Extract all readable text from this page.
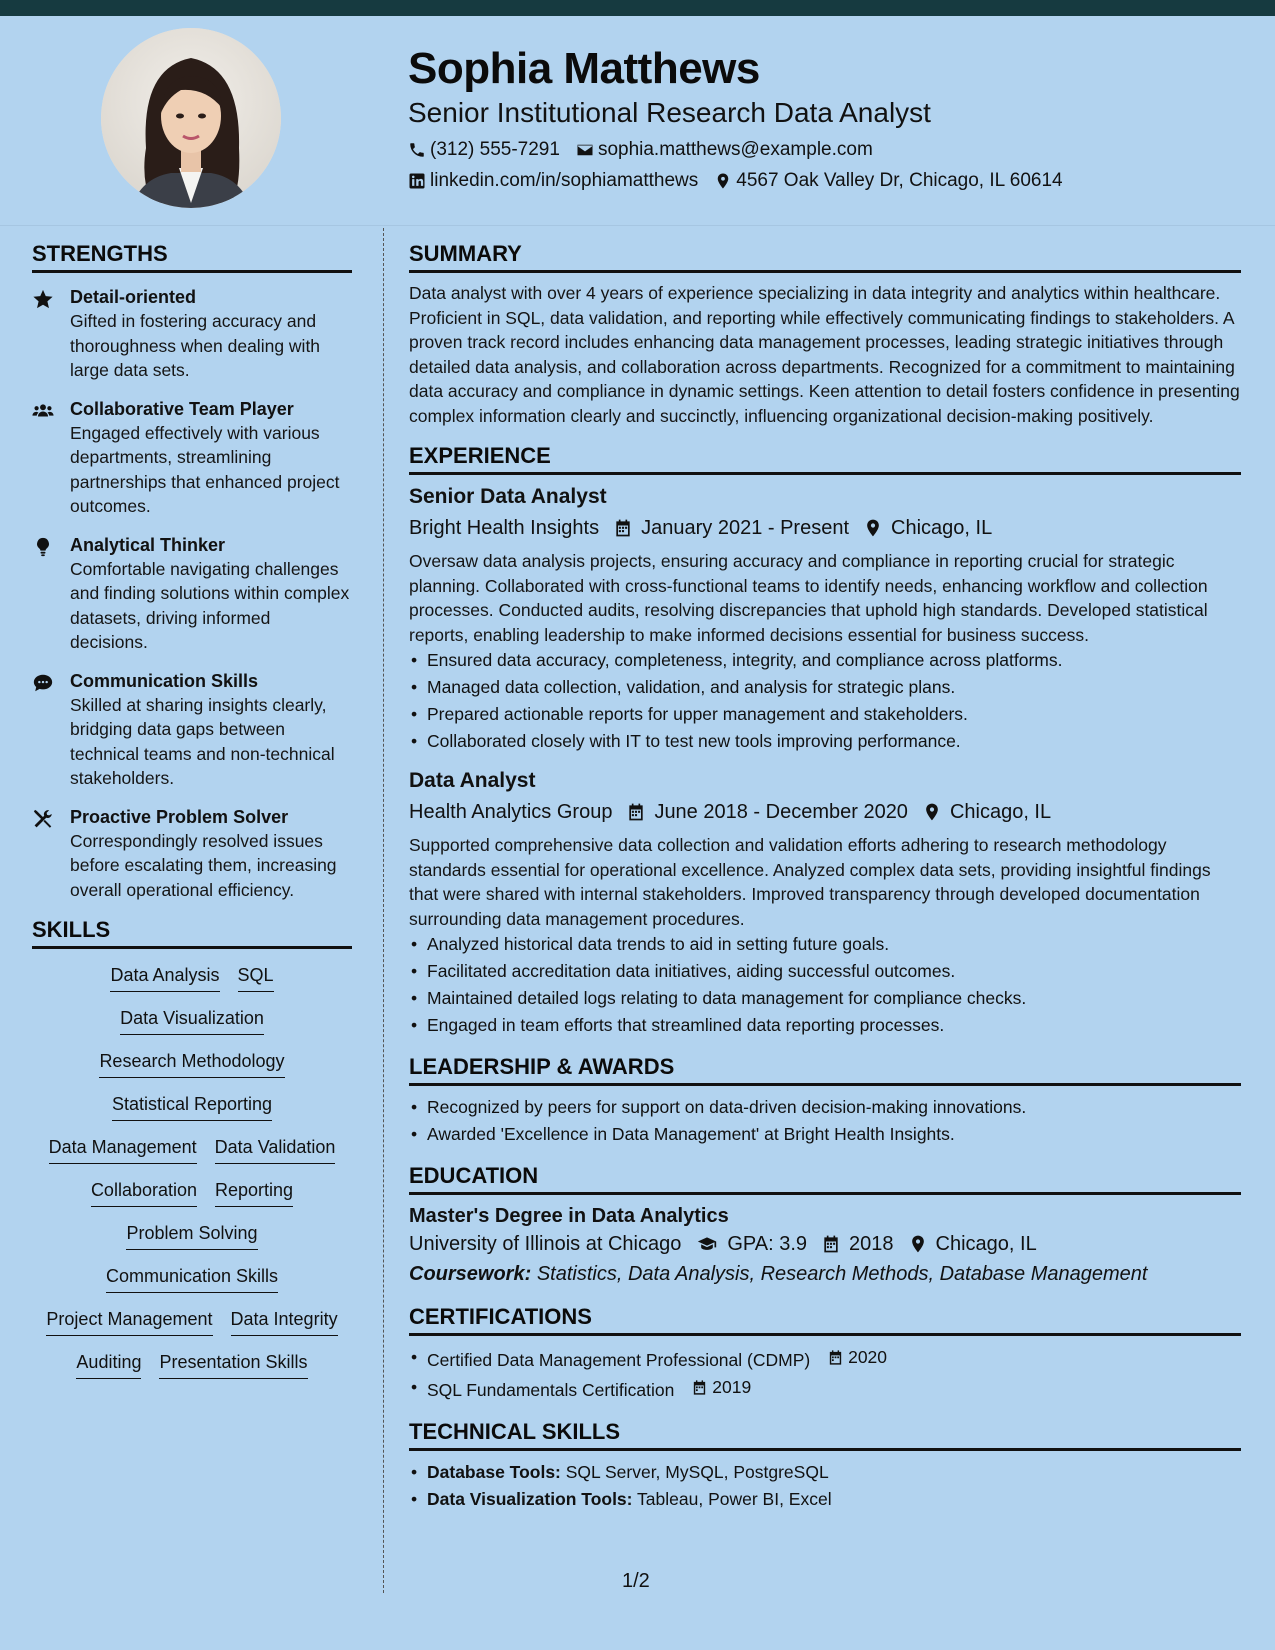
Sophia Matthews
Senior Institutional Research Data Analyst
(312) 555-7291 sophia.matthews@example.com
linkedin.com/in/sophiamatthews 4567 Oak Valley Dr, Chicago, IL 60614
STRENGTHS
Detail-oriented
Gifted in fostering accuracy and thoroughness when dealing with large data sets.
Collaborative Team Player
Engaged effectively with various departments, streamlining partnerships that enhanced project outcomes.
Analytical Thinker
Comfortable navigating challenges and finding solutions within complex datasets, driving informed decisions.
Communication Skills
Skilled at sharing insights clearly, bridging data gaps between technical teams and non-technical stakeholders.
Proactive Problem Solver
Correspondingly resolved issues before escalating them, increasing overall operational efficiency.
SKILLS
Data Analysis SQL
Data Visualization
Research Methodology
Statistical Reporting
Data Management Data Validation
Collaboration Reporting
Problem Solving
Communication Skills
Project Management Data Integrity
Auditing Presentation Skills
SUMMARY
Data analyst with over 4 years of experience specializing in data integrity and analytics within healthcare. Proficient in SQL, data validation, and reporting while effectively communicating findings to stakeholders. A proven track record includes enhancing data management processes, leading strategic initiatives through detailed data analysis, and collaboration across departments. Recognized for a commitment to maintaining data accuracy and compliance in dynamic settings. Keen attention to detail fosters confidence in presenting complex information clearly and succinctly, influencing organizational decision-making positively.
EXPERIENCE
Senior Data Analyst
Bright Health Insights January 2021 - Present Chicago, IL
Oversaw data analysis projects, ensuring accuracy and compliance in reporting crucial for strategic planning. Collaborated with cross-functional teams to identify needs, enhancing workflow and collection processes. Conducted audits, resolving discrepancies that uphold high standards. Developed statistical reports, enabling leadership to make informed decisions essential for business success.
• Ensured data accuracy, completeness, integrity, and compliance across platforms.
• Managed data collection, validation, and analysis for strategic plans.
• Prepared actionable reports for upper management and stakeholders.
• Collaborated closely with IT to test new tools improving performance.
Data Analyst
Health Analytics Group June 2018 - December 2020 Chicago, IL
Supported comprehensive data collection and validation efforts adhering to research methodology standards essential for operational excellence. Analyzed complex data sets, providing insightful findings that were shared with internal stakeholders. Improved transparency through developed documentation surrounding data management procedures.
• Analyzed historical data trends to aid in setting future goals.
• Facilitated accreditation data initiatives, aiding successful outcomes.
• Maintained detailed logs relating to data management for compliance checks.
• Engaged in team efforts that streamlined data reporting processes.
LEADERSHIP & AWARDS
• Recognized by peers for support on data-driven decision-making innovations.
• Awarded 'Excellence in Data Management' at Bright Health Insights.
EDUCATION
Master's Degree in Data Analytics
University of Illinois at Chicago GPA: 3.9 2018 Chicago, IL
Coursework: Statistics, Data Analysis, Research Methods, Database Management
CERTIFICATIONS
• Certified Data Management Professional (CDMP) 2020
• SQL Fundamentals Certification 2019
TECHNICAL SKILLS
• Database Tools: SQL Server, MySQL, PostgreSQL
• Data Visualization Tools: Tableau, Power BI, Excel
1/2
